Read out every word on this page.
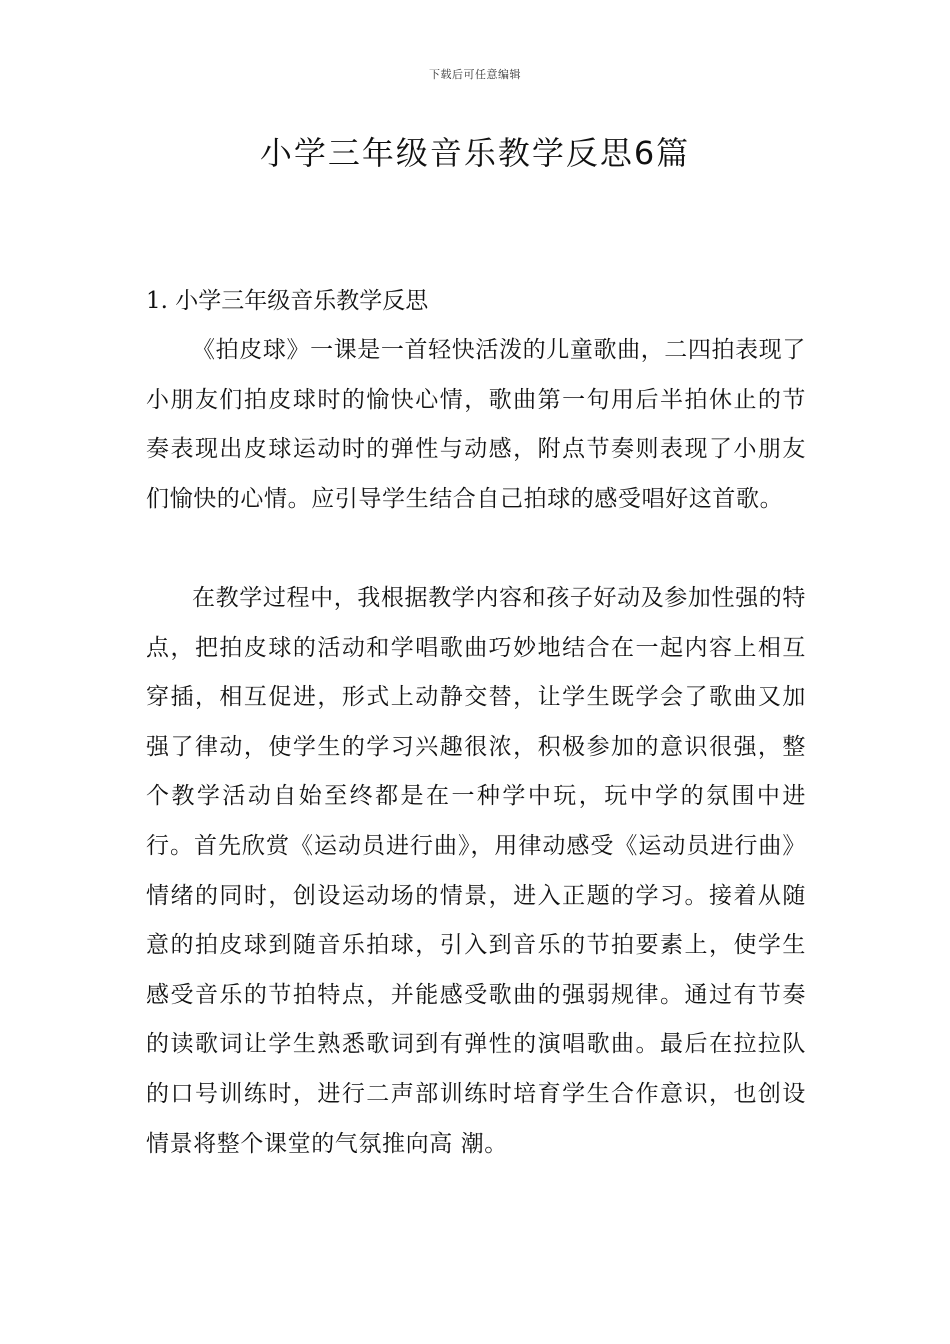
下载后可任意编辑
小学三年级音乐教学反思6篇
1. 小学三年级音乐教学反思

《拍皮球》一课是一首轻快活泼的儿童歌曲，二四拍表现了小朋友们拍皮球时的愉快心情，歌曲第一句用后半拍休止的节奏表现出皮球运动时的弹性与动感，附点节奏则表现了小朋友们愉快的心情。应引导学生结合自己拍球的感受唱好这首歌。

在教学过程中，我根据教学内容和孩子好动及参加性强的特点，把拍皮球的活动和学唱歌曲巧妙地结合在一起内容上相互穿插，相互促进，形式上动静交替，让学生既学会了歌曲又加强了律动，使学生的学习兴趣很浓，积极参加的意识很强，整个教学活动自始至终都是在一种学中玩，玩中学的氛围中进行。首先欣赏《运动员进行曲》，用律动感受《运动员进行曲》情绪的同时，创设运动场的情景，进入正题的学习。接着从随意的拍皮球到随音乐拍球，引入到音乐的节拍要素上，使学生感受音乐的节拍特点，并能感受歌曲的强弱规律。通过有节奏的读歌词让学生熟悉歌词到有弹性的演唱歌曲。最后在拉拉队的口号训练时，进行二声部训练时培育学生合作意识，也创设情景将整个课堂的气氛推向高 潮。
